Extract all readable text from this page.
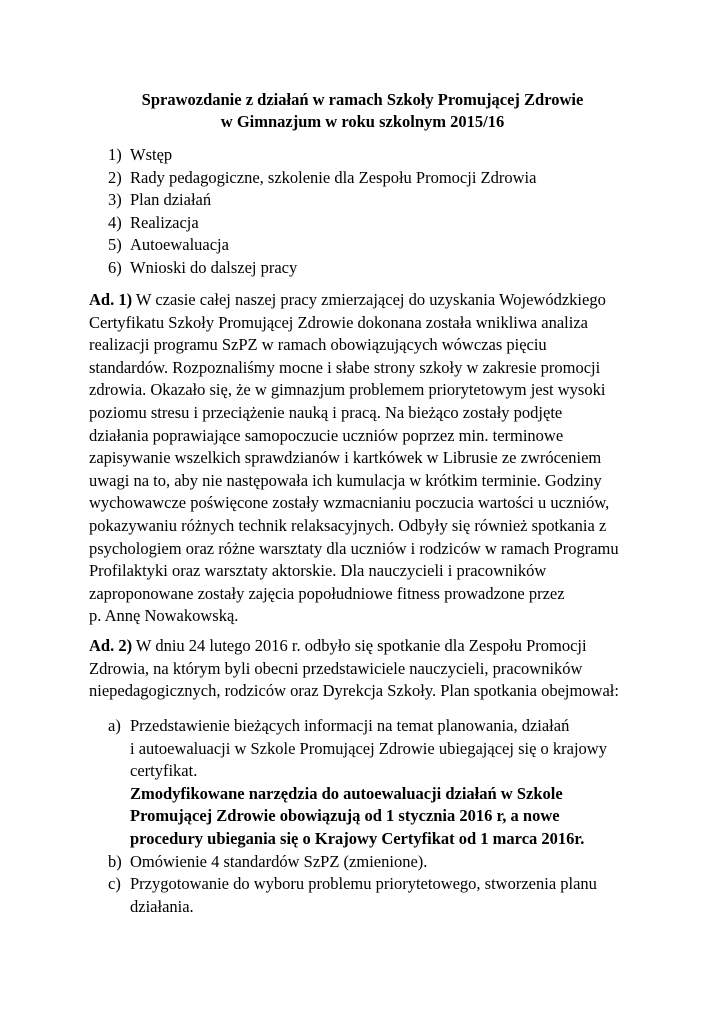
Sprawozdanie z działań w ramach Szkoły Promującej Zdrowie
w Gimnazjum w roku szkolnym 2015/16
1) Wstęp
2) Rady pedagogiczne, szkolenie dla Zespołu Promocji Zdrowia
3) Plan działań
4) Realizacja
5) Autoewaluacja
6) Wnioski do dalszej pracy
Ad. 1) W czasie całej naszej pracy zmierzającej do uzyskania Wojewódzkiego
Certyfikatu Szkoły Promującej Zdrowie dokonana została wnikliwa analiza
realizacji programu SzPZ w ramach obowiązujących wówczas pięciu
standardów. Rozpoznaliśmy mocne i słabe strony szkoły w zakresie promocji
zdrowia. Okazało się, że w gimnazjum problemem priorytetowym jest wysoki
poziomu stresu i przeciążenie nauką i pracą. Na bieżąco zostały podjęte
działania poprawiające samopoczucie uczniów poprzez min. terminowe
zapisywanie wszelkich sprawdzianów i kartkówek w Librusie ze zwróceniem
uwagi na to, aby nie następowała ich kumulacja w krótkim terminie. Godziny
wychowawcze poświęcone zostały wzmacnianiu poczucia wartości u uczniów,
pokazywaniu różnych technik relaksacyjnych. Odbyły się również spotkania z
psychologiem oraz różne warsztaty dla uczniów i rodziców w ramach Programu
Profilaktyki oraz warsztaty aktorskie. Dla nauczycieli i pracowników
zaproponowane zostały zajęcia popołudniowe fitness prowadzone przez
p. Annę Nowakowską.
Ad. 2) W dniu 24 lutego 2016 r. odbyło się spotkanie dla Zespołu Promocji
Zdrowia, na którym byli obecni przedstawiciele nauczycieli, pracowników
niepedagogicznych, rodziców oraz Dyrekcja Szkoły. Plan spotkania obejmował:
a) Przedstawienie bieżących informacji na temat planowania, działań
i autoewaluacji w Szkole Promującej Zdrowie ubiegającej się o krajowy
certyfikat.
Zmodyfikowane narzędzia do autoewaluacji działań w Szkole
Promującej Zdrowie obowiązują od 1 stycznia 2016 r, a nowe
procedury ubiegania się o Krajowy Certyfikat od 1 marca 2016r.
b) Omówienie 4 standardów SzPZ (zmienione).
c) Przygotowanie do wyboru problemu priorytetowego, stworzenia planu
działania.
